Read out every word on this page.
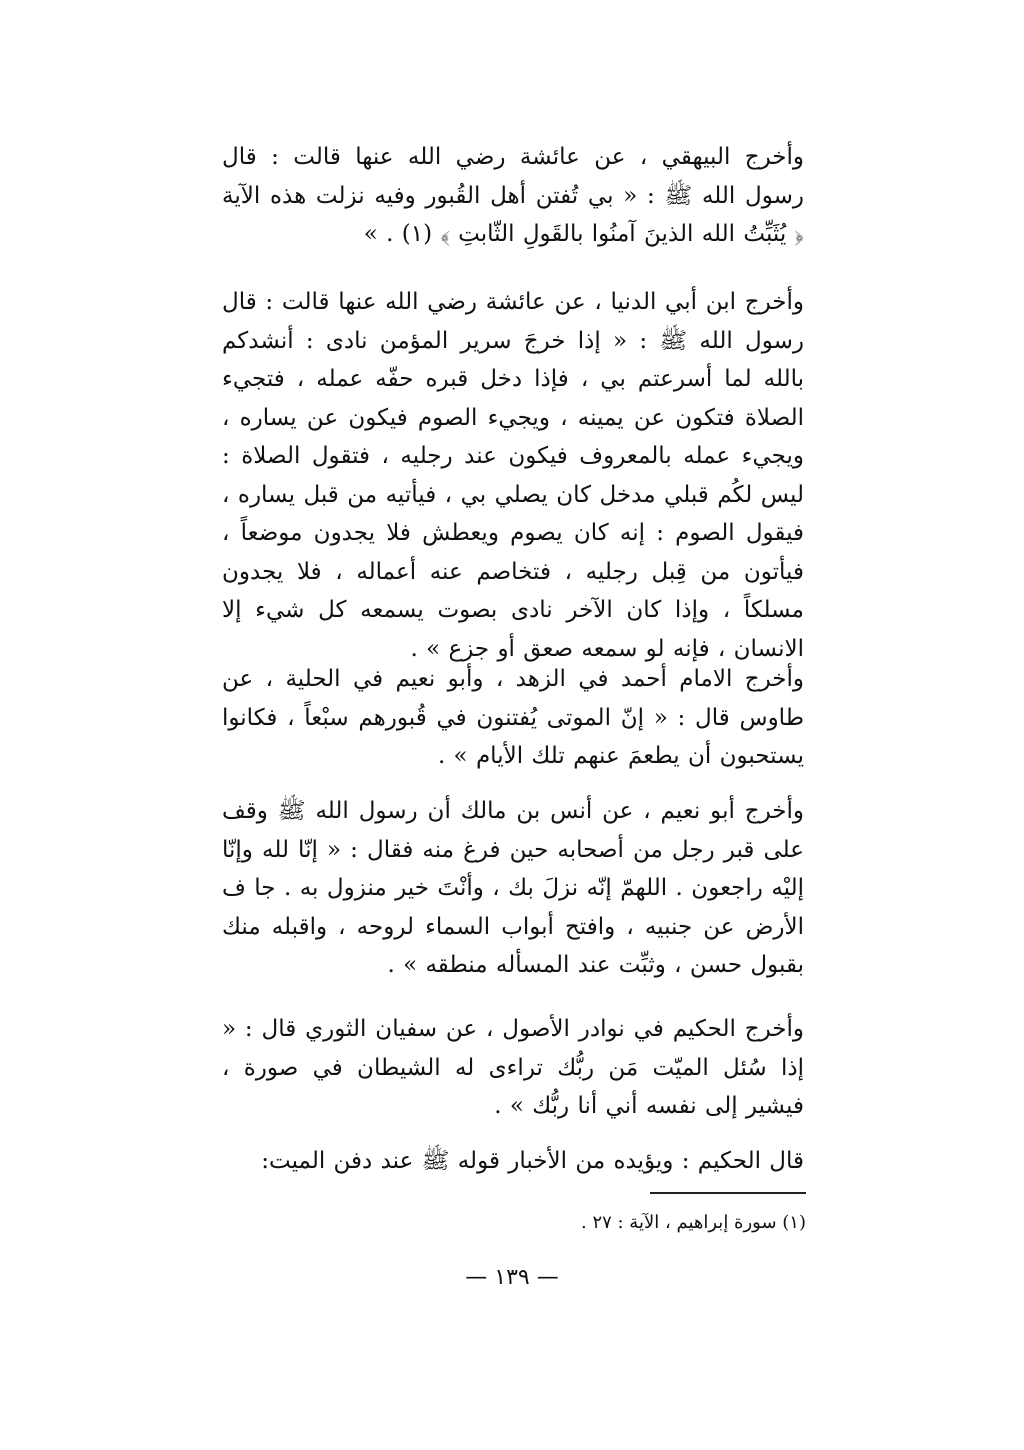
وأخرج البيهقي ، عن عائشة رضي الله عنها قالت : قال رسول الله ﷺ : « بي تُفتن أهل القُبور وفيه نزلت هذه الآية ﴿ يُثَبِّتُ الله الذينَ آمنُوا بالقَولِ الثّابتِ ﴾ (١) . »
وأخرج ابن أبي الدنيا ، عن عائشة رضي الله عنها قالت : قال رسول الله ﷺ : « إذا خرجَ سرير المؤمن نادى : أنشدكم بالله لما أسرعتم بي ، فإذا دخل قبره حفّه عمله ، فتجيء الصلاة فتكون عن يمينه ، ويجيء الصوم فيكون عن يساره ، ويجيء عمله بالمعروف فيكون عند رجليه ، فتقول الصلاة : ليس لكُم قبلي مدخل كان يصلي بي ، فيأتيه من قبل يساره ، فيقول الصوم : إنه كان يصوم ويعطش فلا يجدون موضعاً ، فيأتون من قِبل رجليه ، فتخاصم عنه أعماله ، فلا يجدون مسلكاً ، وإذا كان الآخر نادى بصوت يسمعه كل شيء إلا الانسان ، فإنه لو سمعه صعق أو جزع » .
وأخرج الامام أحمد في الزهد ، وأبو نعيم في الحلية ، عن طاوس قال : « إنّ الموتى يُفتنون في قُبورهم سبْعاً ، فكانوا يستحبون أن يطعمَ عنهم تلك الأيام » .
وأخرج أبو نعيم ، عن أنس بن مالك أن رسول الله ﷺ وقف على قبر رجل من أصحابه حين فرغ منه فقال : « إنّا لله وإنّا إليْه راجعون . اللهمّ إنّه نزلَ بك ، وأنْتَ خير منزول به . جا ف الأرض عن جنبيه ، وافتح أبواب السماء لروحه ، واقبله منك بقبول حسن ، وثبِّت عند المسأله منطقه » .
وأخرج الحكيم في نوادر الأصول ، عن سفيان الثوري قال : « إذا سُئل الميّت مَن ربُّك تراءى له الشيطان في صورة ، فيشير إلى نفسه أني أنا ربُّك » .
قال الحكيم : ويؤيده من الأخبار قوله ﷺ عند دفن الميت:
(١) سورة إبراهيم ، الآية : ٢٧ .
— ١٣٩ —
